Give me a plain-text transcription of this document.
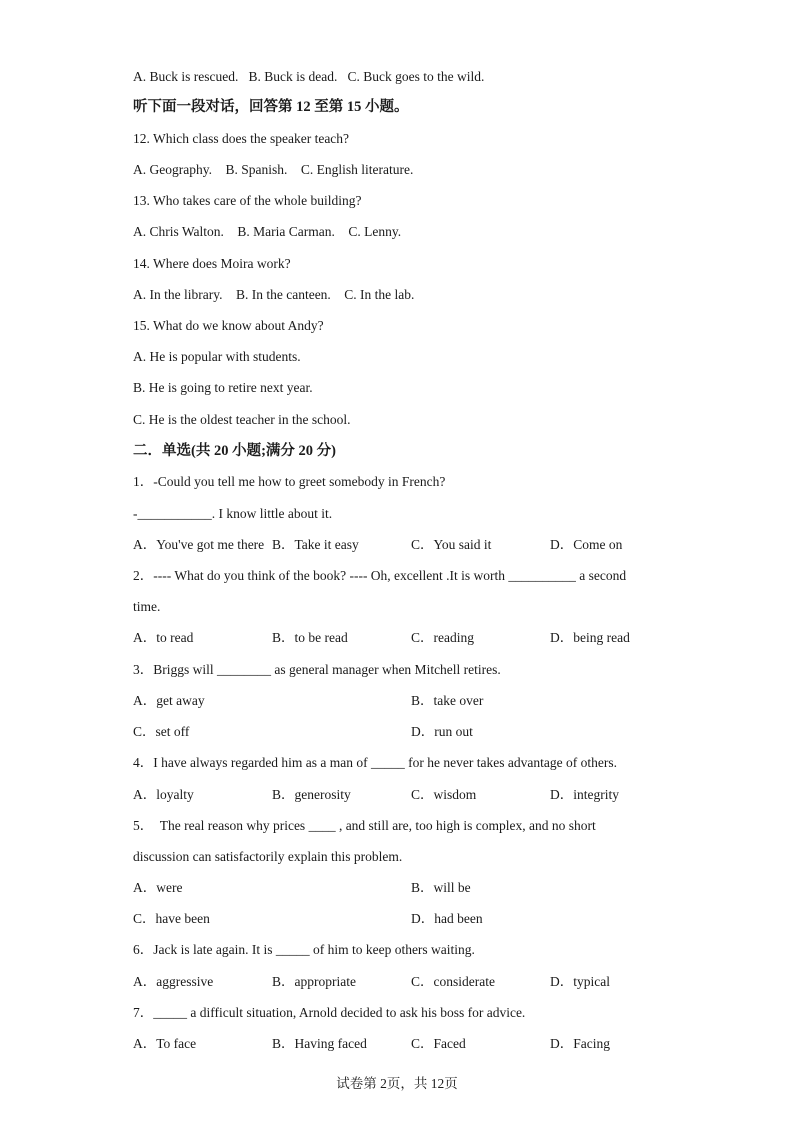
A. Buck is rescued.   B. Buck is dead.   C. Buck goes to the wild.
听下面一段对话，回答第 12 至第 15 小题。
12. Which class does the speaker teach?
A. Geography.    B. Spanish.    C. English literature.
13. Who takes care of the whole building?
A. Chris Walton.    B. Maria Carman.    C. Lenny.
14. Where does Moira work?
A. In the library.    B. In the canteen.    C. In the lab.
15. What do we know about Andy?
A. He is popular with students.
B. He is going to retire next year.
C. He is the oldest teacher in the school.
二．单选(共 20 小题;满分 20 分)
1．-Could you tell me how to greet somebody in French?
-___________. I know little about it.
A．You've got me there B．Take it easy	C．You said it	D．Come on
2．---- What do you think of the book? ---- Oh, excellent .It is worth __________ a second
time.
A．to read	B．to be read	C．reading	D．being read
3．Briggs will ________ as general manager when Mitchell retires.
A．get away	B．take over
C．set off	D．run out
4．I have always regarded him as a man of _____ for he never takes advantage of others.
A．loyalty	B．generosity	C．wisdom	D．integrity
5．  The real reason why prices ____ , and still are, too high is complex, and no short
discussion can satisfactorily explain this problem.
A．were	B．will be
C．have been	D．had been
6．Jack is late again. It is _____ of him to keep others waiting.
A．aggressive	B．appropriate	C．considerate	D．typical
7．_____ a difficult situation, Arnold decided to ask his boss for advice.
A．To face	B．Having faced	C．Faced	D．Facing
试卷第 2页，共 12页
